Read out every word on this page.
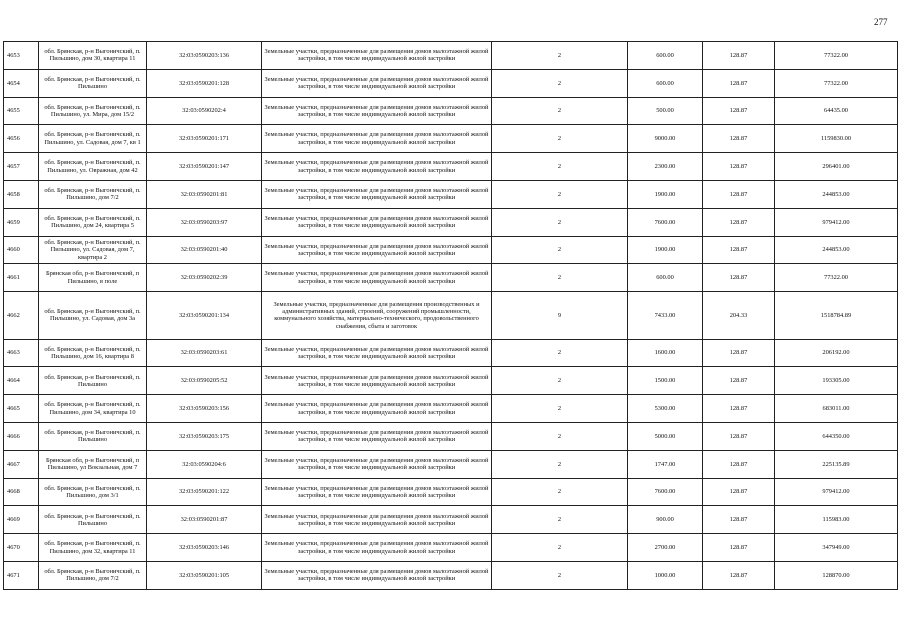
277
4653	обл. Брянская, р-н Выгоничский, п. Пильшино, дом 30, квартира 11	32:03:0590203:136	Земельные участки, предназначенные для размещения домов малоэтажной жилой застройки, в том числе индивидуальной жилой застройки	2	600.00	128.87	77322.00
4654	обл. Брянская, р-н Выгоничский, п. Пильшино	32:03:0590201:128	Земельные участки, предназначенные для размещения домов малоэтажной жилой застройки, в том числе индивидуальной жилой застройки	2	600.00	128.87	77322.00
4655	обл. Брянская, р-н Выгоничский, п. Пильшино, ул. Мира, дом 15/2	32:03:0590202:4	Земельные участки, предназначенные для размещения домов малоэтажной жилой застройки, в том числе индивидуальной жилой застройки	2	500.00	128.87	64435.00
4656	обл. Брянская, р-н Выгоничский, п. Пильшино, ул. Садовая, дом 7, кв 1	32:03:0590201:171	Земельные участки, предназначенные для размещения домов малоэтажной жилой застройки, в том числе индивидуальной жилой застройки	2	9000.00	128.87	1159830.00
4657	обл. Брянская, р-н Выгоничский, п. Пильшино, ул. Овражная, дом 42	32:03:0590201:147	Земельные участки, предназначенные для размещения домов малоэтажной жилой застройки, в том числе индивидуальной жилой застройки	2	2300.00	128.87	296401.00
4658	обл. Брянская, р-н Выгоничский, п. Пильшино, дом 7/2	32:03:0590201:81	Земельные участки, предназначенные для размещения домов малоэтажной жилой застройки, в том числе индивидуальной жилой застройки	2	1900.00	128.87	244853.00
4659	обл. Брянская, р-н Выгоничский, п. Пильшино, дом 24, квартира 5	32:03:0590203:97	Земельные участки, предназначенные для размещения домов малоэтажной жилой застройки, в том числе индивидуальной жилой застройки	2	7600.00	128.87	979412.00
4660	обл. Брянская, р-н Выгоничский, п. Пильшино, ул. Садовая, дом 7, квартира 2	32:03:0590201:40	Земельные участки, предназначенные для размещения домов малоэтажной жилой застройки, в том числе индивидуальной жилой застройки	2	1900.00	128.87	244853.00
4661	Брянская обл, р-н Выгоничский, п Пильшино, в поле	32:03:0590202:39	Земельные участки, предназначенные для размещения домов малоэтажной жилой застройки, в том числе индивидуальной жилой застройки	2	600.00	128.87	77322.00
4662	обл. Брянская, р-н Выгоничский, п. Пильшино, ул. Садовая, дом 3а	32:03:0590201:134	Земельные участки, предназначенные для размещения производственных и административных зданий, строений, сооружений промышленности, коммунального хозяйства, материально-технического, продовольственного снабжения, сбыта и заготовок	9	7433.00	204.33	1518784.89
4663	обл. Брянская, р-н Выгоничский, п. Пильшино, дом 16, квартира 8	32:03:0590203:61	Земельные участки, предназначенные для размещения домов малоэтажной жилой застройки, в том числе индивидуальной жилой застройки	2	1600.00	128.87	206192.00
4664	обл. Брянская, р-н Выгоничский, п. Пильшино	32:03:0590205:52	Земельные участки, предназначенные для размещения домов малоэтажной жилой застройки, в том числе индивидуальной жилой застройки	2	1500.00	128.87	193305.00
4665	обл. Брянская, р-н Выгоничский, п. Пильшино, дом 34, квартира 10	32:03:0590203:156	Земельные участки, предназначенные для размещения домов малоэтажной жилой застройки, в том числе индивидуальной жилой застройки	2	5300.00	128.87	683011.00
4666	обл. Брянская, р-н Выгоничский, п. Пильшино	32:03:0590203:175	Земельные участки, предназначенные для размещения домов малоэтажной жилой застройки, в том числе индивидуальной жилой застройки	2	5000.00	128.87	644350.00
4667	Брянская обл, р-н Выгоничский, п Пильшино, ул Вокзальная, дом 7	32:03:0590204:6	Земельные участки, предназначенные для размещения домов малоэтажной жилой застройки, в том числе индивидуальной жилой застройки	2	1747.00	128.87	225135.89
4668	обл. Брянская, р-н Выгоничский, п. Пильшино, дом 3/1	32:03:0590201:122	Земельные участки, предназначенные для размещения домов малоэтажной жилой застройки, в том числе индивидуальной жилой застройки	2	7600.00	128.87	979412.00
4669	обл. Брянская, р-н Выгоничский, п. Пильшино	32:03:0590201:87	Земельные участки, предназначенные для размещения домов малоэтажной жилой застройки, в том числе индивидуальной жилой застройки	2	900.00	128.87	115983.00
4670	обл. Брянская, р-н Выгоничский, п. Пильшино, дом 32, квартира 11	32:03:0590203:146	Земельные участки, предназначенные для размещения домов малоэтажной жилой застройки, в том числе индивидуальной жилой застройки	2	2700.00	128.87	347949.00
4671	обл. Брянская, р-н Выгоничский, п. Пильшино, дом 7/2	32:03:0590201:105	Земельные участки, предназначенные для размещения домов малоэтажной жилой застройки, в том числе индивидуальной жилой застройки	2	1000.00	128.87	128870.00
